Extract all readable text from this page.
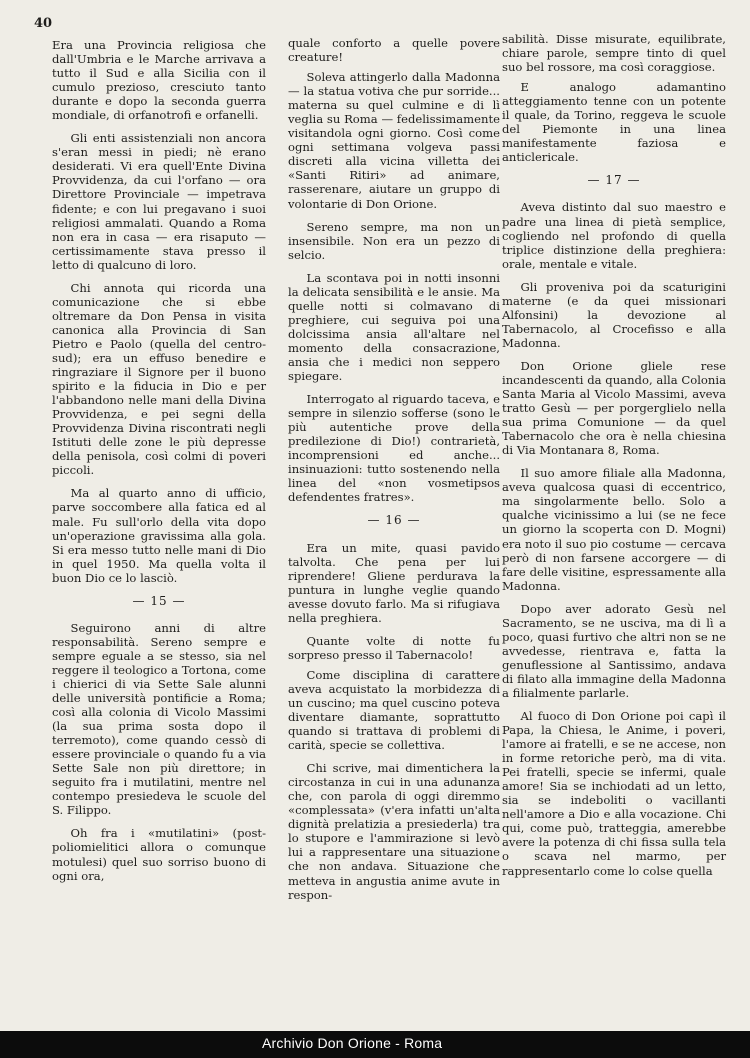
40

Era una Provincia religiosa che dall'Umbria e le Marche arrivava a tutto il Sud e alla Sicilia con il cumulo prezioso, cresciuto tanto durante e dopo la seconda guerra mondiale, di orfanotrofi e orfanelli.

Gli enti assistenziali non ancora s'eran messi in piedi; nè erano desiderati. Vi era quell'Ente Divina Provvidenza, da cui l'orfano — ora Direttore Provinciale — impetrava fidente; e con lui pregavano i suoi religiosi ammalati. Quando a Roma non era in casa — era risaputo — certissimamente stava presso il letto di qualcuno di loro.

Chi annota qui ricorda una comunicazione che si ebbe oltremare da Don Pensa in visita canonica alla Provincia di San Pietro e Paolo (quella del centro-sud); era un effuso benedire e ringraziare il Signore per il buono spirito e la fiducia in Dio e per l'abbandono nelle mani della Divina Provvidenza, e pei segni della Provvidenza Divina riscontrati negli Istituti delle zone le più depresse della penisola, così colmi di poveri piccoli.

Ma al quarto anno di ufficio, parve soccombere alla fatica ed al male. Fu sull'orlo della vita dopo un'operazione gravissima alla gola. Si era messo tutto nelle mani di Dio in quel 1950. Ma quella volta il buon Dio ce lo lasciò.

— 15 —

Seguirono anni di altre responsabilità. Sereno sempre e sempre eguale a se stesso, sia nel reggere il teologico a Tortona, come i chierici di via Sette Sale alunni delle università pontificie a Roma; così alla colonia di Vicolo Massimi (la sua prima sosta dopo il terremoto), come quando cessò di essere provinciale o quando fu a via Sette Sale non più direttore; in seguito fra i mutilatini, mentre nel contempo presiedeva le scuole del S. Filippo.

Oh fra i «mutilatini» (post-poliomielitici allora o comunque motulesi) quel suo sorriso buono di ogni ora,

quale conforto a quelle povere creature!

Soleva attingerlo dalla Madonna — la statua votiva che pur sorride... materna su quel culmine e di lì veglia su Roma — fedelissimamente visitandola ogni giorno. Così come ogni settimana volgeva passi discreti alla vicina villetta dei «Santi Ritiri» ad animare, rasserenare, aiutare un gruppo di volontarie di Don Orione.

Sereno sempre, ma non un insensibile. Non era un pezzo di selcio.

La scontava poi in notti insonni la delicata sensibilità e le ansie. Ma quelle notti si colmavano di preghiere, cui seguiva poi una dolcissima ansia all'altare nel momento della consacrazione, ansia che i medici non seppero spiegare.

Interrogato al riguardo taceva, e sempre in silenzio sofferse (sono le più autentiche prove della predilezione di Dio!) contrarietà, incomprensioni ed anche... insinuazioni: tutto sostenendo nella linea del «non vosmetipsos defendentes fratres».

— 16 —

Era un mite, quasi pavido talvolta. Che pena per lui riprendere! Gliene perdurava la puntura in lunghe veglie quando avesse dovuto farlo. Ma si rifugiava nella preghiera.

Quante volte di notte fu sorpreso presso il Tabernacolo!

Come disciplina di carattere aveva acquistato la morbidezza di un cuscino; ma quel cuscino poteva diventare diamante, soprattutto quando si trattava di problemi di carità, specie se collettiva.

Chi scrive, mai dimentichera la circostanza in cui in una adunanza che, con parola di oggi diremmo «complessata» (v'era infatti un'alta dignità prelatizia a presiederla) tra lo stupore e l'ammirazione si levò lui a rappresentare una situazione che non andava. Situazione che metteva in angustia anime avute in respon-

sabilità. Disse misurate, equilibrate, chiare parole, sempre tinto di quel suo bel rossore, ma così coraggiose.

E analogo adamantino atteggiamento tenne con un potente il quale, da Torino, reggeva le scuole del Piemonte in una linea manifestamente faziosa e anticlericale.

— 17 —

Aveva distinto dal suo maestro e padre una linea di pietà semplice, cogliendo nel profondo di quella triplice distinzione della preghiera: orale, mentale e vitale.

Gli proveniva poi da scaturigini materne (e da quei missionari Alfonsini) la devozione al Tabernacolo, al Crocefisso e alla Madonna.

Don Orione gliele rese incandescenti da quando, alla Colonia Santa Maria al Vicolo Massimi, aveva tratto Gesù — per porgerglielo nella sua prima Comunione — da quel Tabernacolo che ora è nella chiesina di Via Montanara 8, Roma.

Il suo amore filiale alla Madonna, aveva qualcosa quasi di eccentrico, ma singolarmente bello. Solo a qualche vicinissimo a lui (se ne fece un giorno la scoperta con D. Mogni) era noto il suo pio costume — cercava però di non farsene accorgere — di fare delle visitine, espressamente alla Madonna.

Dopo aver adorato Gesù nel Sacramento, se ne usciva, ma di lì a poco, quasi furtivo che altri non se ne avvedesse, rientrava e, fatta la genuflessione al Santissimo, andava di filato alla immagine della Madonna a filialmente parlarle.

Al fuoco di Don Orione poi capì il Papa, la Chiesa, le Anime, i poveri, l'amore ai fratelli, e se ne accese, non in forme retoriche però, ma di vita. Pei fratelli, specie se infermi, quale amore! Sia se inchiodati ad un letto, sia se indeboliti o vacillanti nell'amore a Dio e alla vocazione. Chi qui, come può, tratteggia, amerebbe avere la potenza di chi fissa sulla tela o scava nel marmo, per rappresentarlo come lo colse quella

Archivio Don Orione - Roma
